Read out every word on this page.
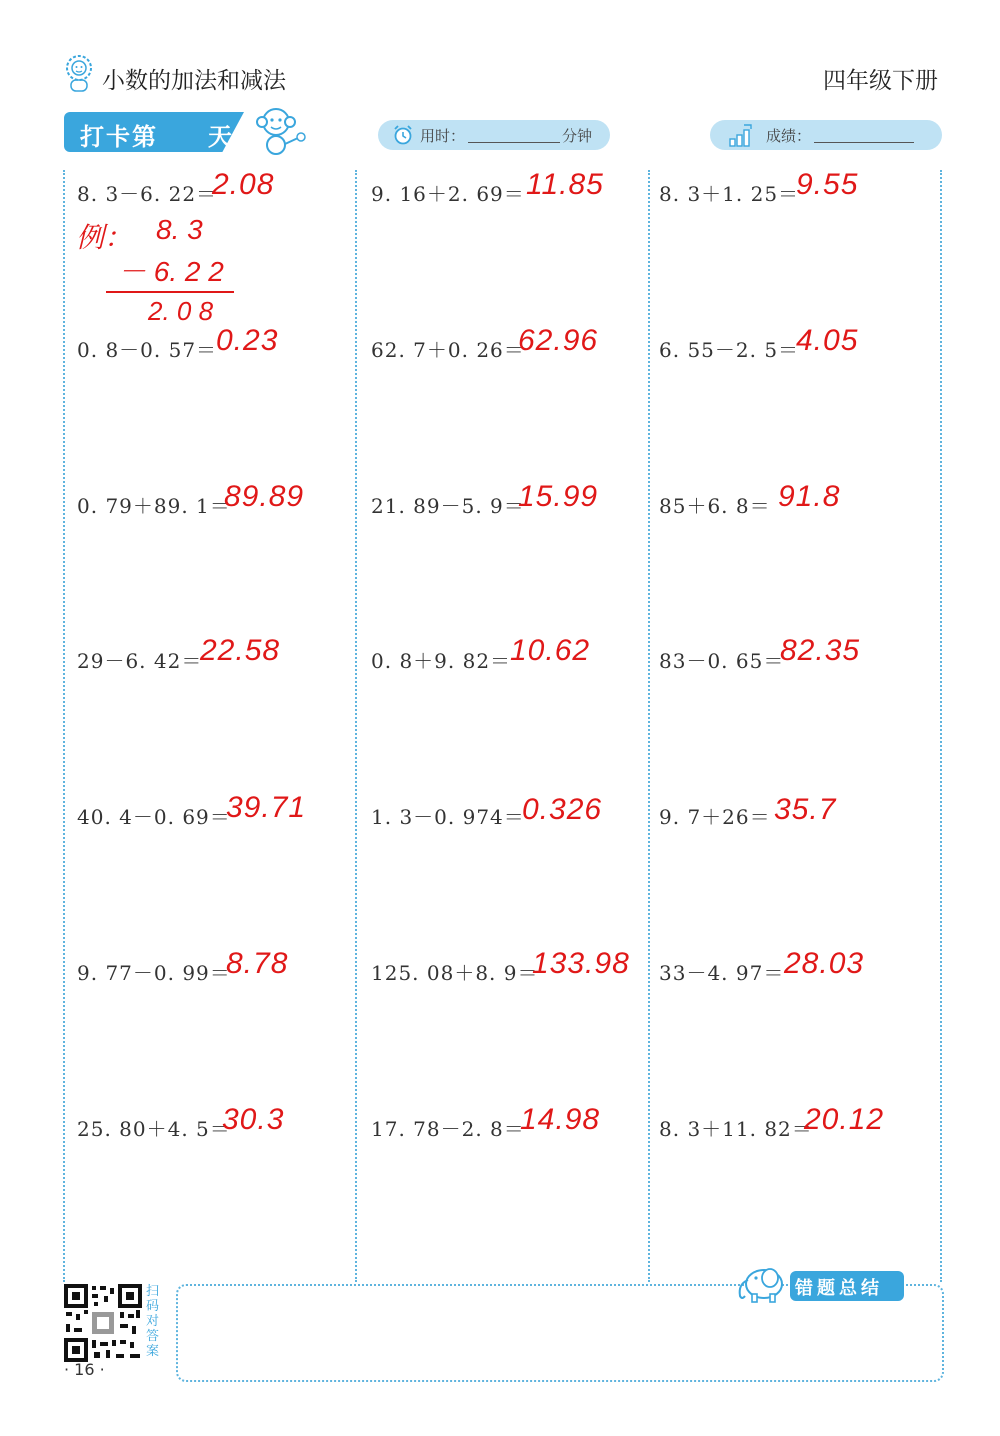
小数的加法和减法	四年级下册
打卡第 天	用时：	分钟	成绩：
8. 3－6. 22＝
2.08
例： 8. 3
－ 6. 2 2
2. 0 8
0. 8－0. 57＝
0.23
0. 79＋89. 1＝
89.89
29－6. 42＝
22.58
40. 4－0. 69＝
39.71
9. 77－0. 99＝
8.78
25. 80＋4. 5＝
30.3
9. 16＋2. 69＝ 11.85
62. 7＋0. 26＝
62.96
21. 89－5. 9＝
15.99
0. 8＋9. 82＝
10.62
1. 3－0. 974＝
0.326
125. 08＋8. 9＝
133.98
17. 78－2. 8＝
14.98
8. 3＋1. 25＝
9.55
6. 55－2. 5＝
4.05
85＋6. 8＝ 91.8
83－0. 65＝
82.35
9. 7＋26＝ 35.7
33－4. 97＝ 28.03
8. 3＋11. 82＝
20.12
扫码对答案
· 16 ·
错题总结
